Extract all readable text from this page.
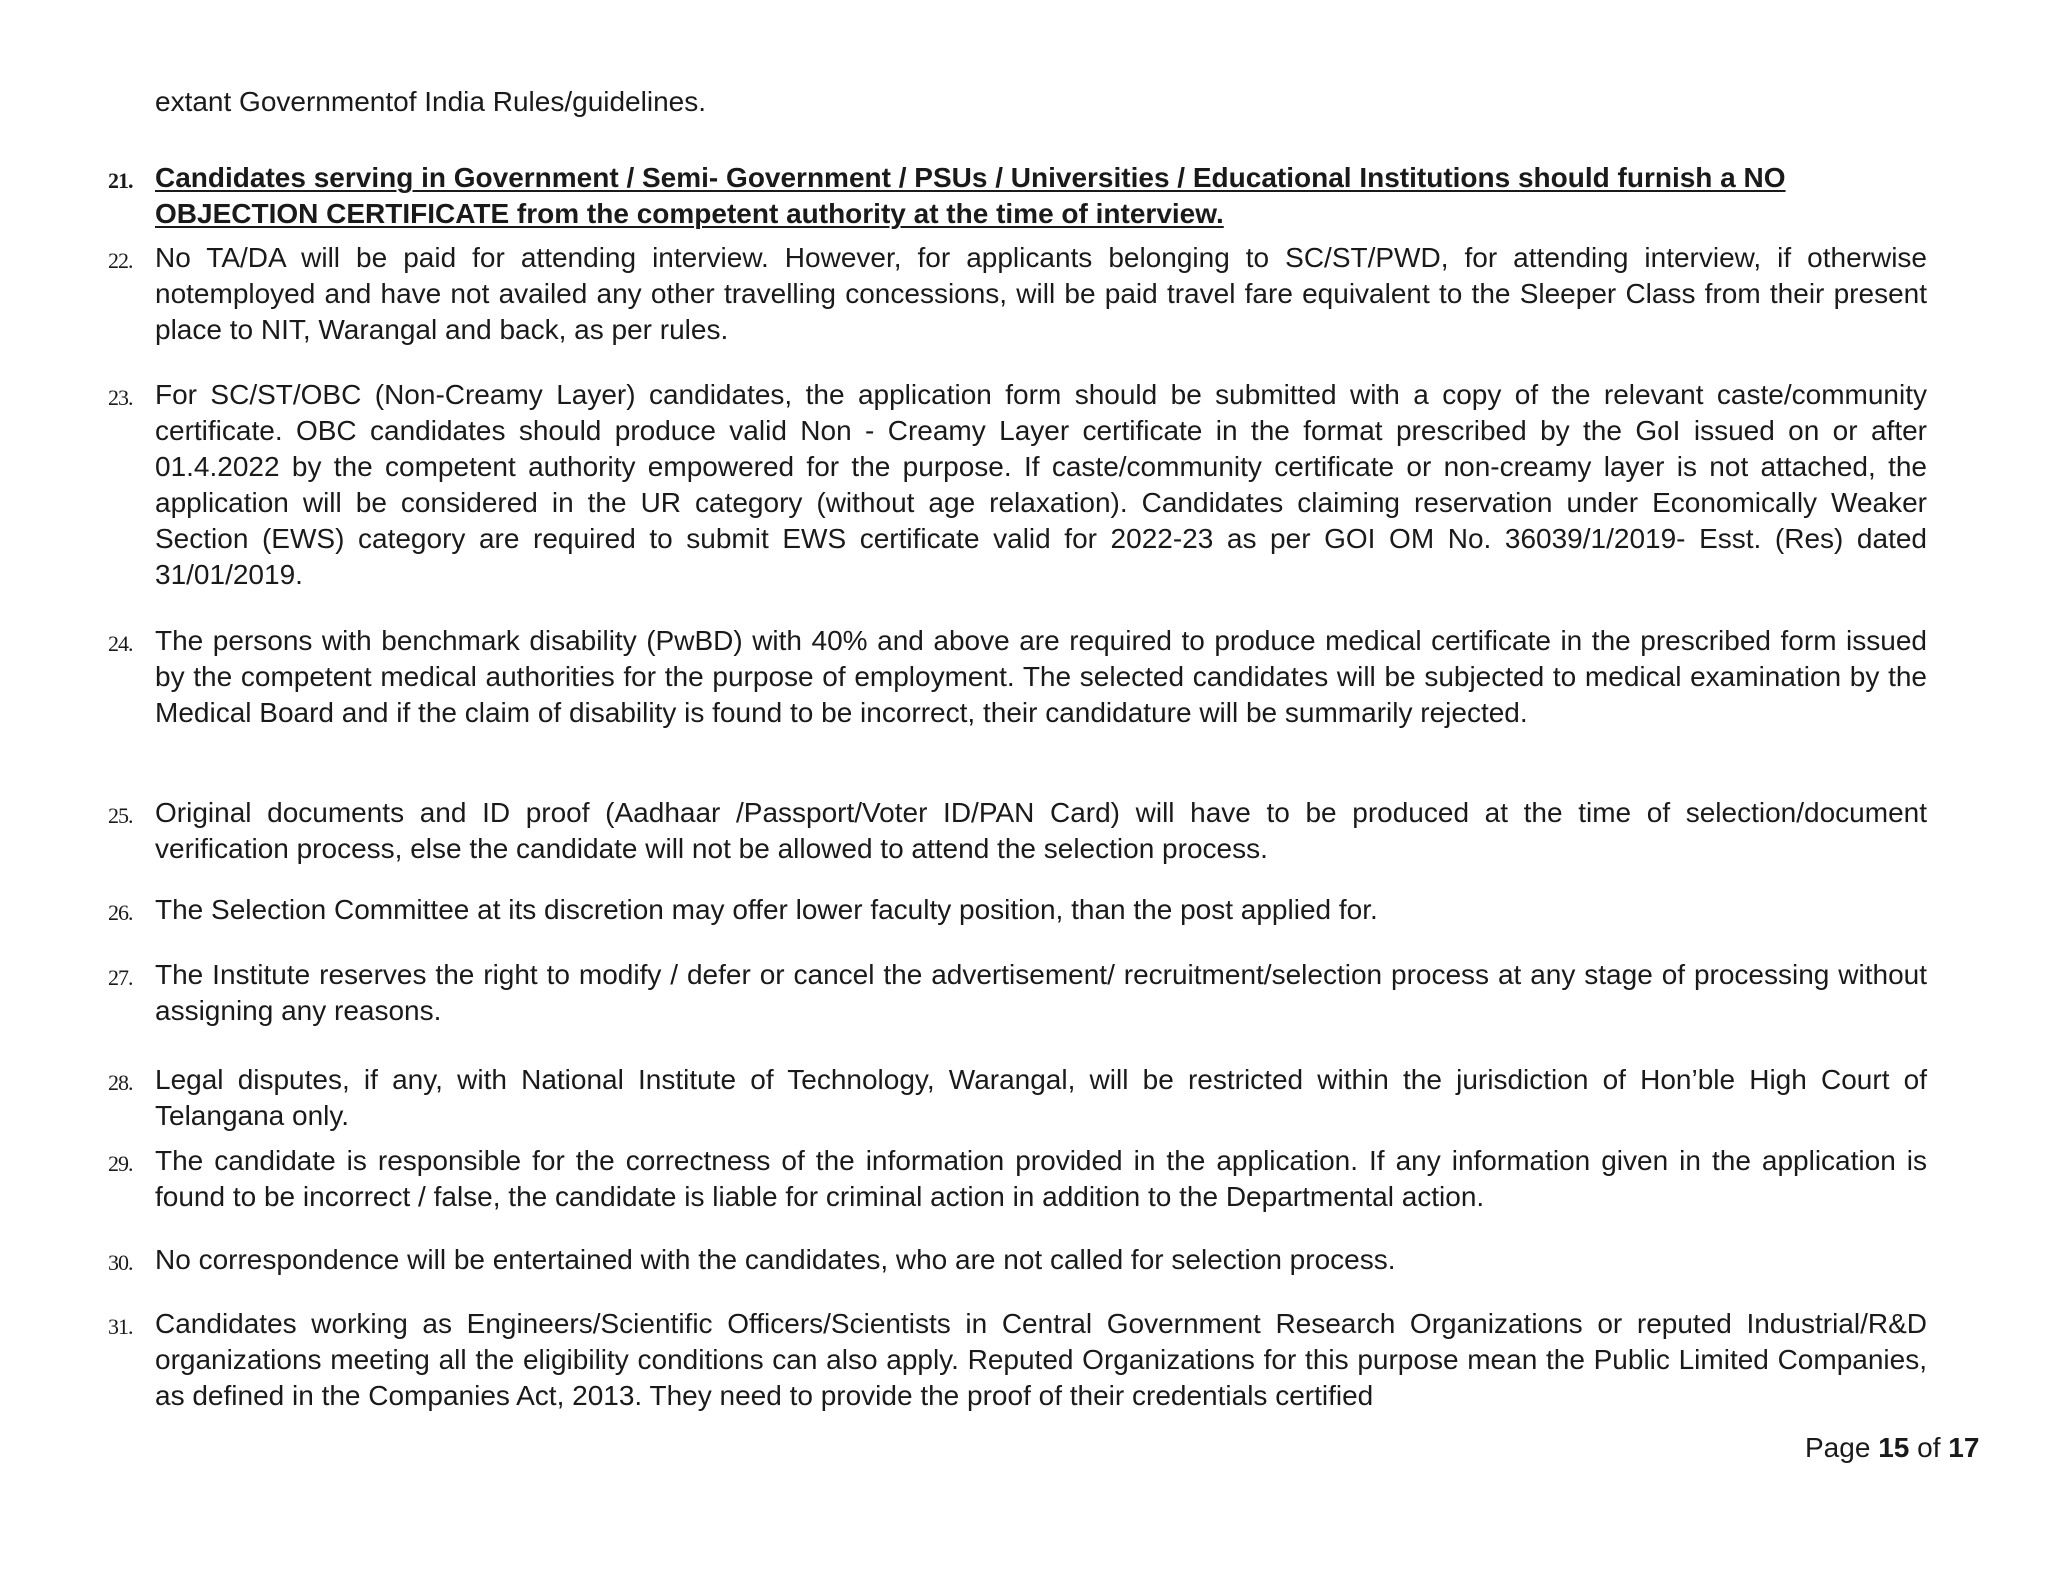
extant Governmentof India Rules/guidelines.

21. Candidates serving in Government / Semi- Government / PSUs / Universities / Educational Institutions should furnish a NO OBJECTION CERTIFICATE from the competent authority at the time of interview.

22. No TA/DA will be paid for attending interview. However, for applicants belonging to SC/ST/PWD, for attending interview, if otherwise notemployed and have not availed any other travelling concessions, will be paid travel fare equivalent to the Sleeper Class from their present place to NIT, Warangal and back, as per rules.

23. For SC/ST/OBC (Non-Creamy Layer) candidates, the application form should be submitted with a copy of the relevant caste/community certificate. OBC candidates should produce valid Non - Creamy Layer certificate in the format prescribed by the GoI issued on or after 01.4.2022 by the competent authority empowered for the purpose. If caste/community certificate or non-creamy layer is not attached, the application will be considered in the UR category (without age relaxation). Candidates claiming reservation under Economically Weaker Section (EWS) category are required to submit EWS certificate valid for 2022-23 as per GOI OM No. 36039/1/2019- Esst. (Res) dated 31/01/2019.

24. The persons with benchmark disability (PwBD) with 40% and above are required to produce medical certificate in the prescribed form issued by the competent medical authorities for the purpose of employment. The selected candidates will be subjected to medical examination by the Medical Board and if the claim of disability is found to be incorrect, their candidature will be summarily rejected.

25. Original documents and ID proof (Aadhaar /Passport/Voter ID/PAN Card) will have to be produced at the time of selection/document verification process, else the candidate will not be allowed to attend the selection process.

26. The Selection Committee at its discretion may offer lower faculty position, than the post applied for.

27. The Institute reserves the right to modify / defer or cancel the advertisement/ recruitment/selection process at any stage of processing without assigning any reasons.

28. Legal disputes, if any, with National Institute of Technology, Warangal, will be restricted within the jurisdiction of Hon’ble High Court of Telangana only.

29. The candidate is responsible for the correctness of the information provided in the application. If any information given in the application is found to be incorrect / false, the candidate is liable for criminal action in addition to the Departmental action.

30. No correspondence will be entertained with the candidates, who are not called for selection process.

31. Candidates working as Engineers/Scientific Officers/Scientists in Central Government Research Organizations or reputed Industrial/R&D organizations meeting all the eligibility conditions can also apply. Reputed Organizations for this purpose mean the Public Limited Companies, as defined in the Companies Act, 2013. They need to provide the proof of their credentials certified

Page 15 of 17
